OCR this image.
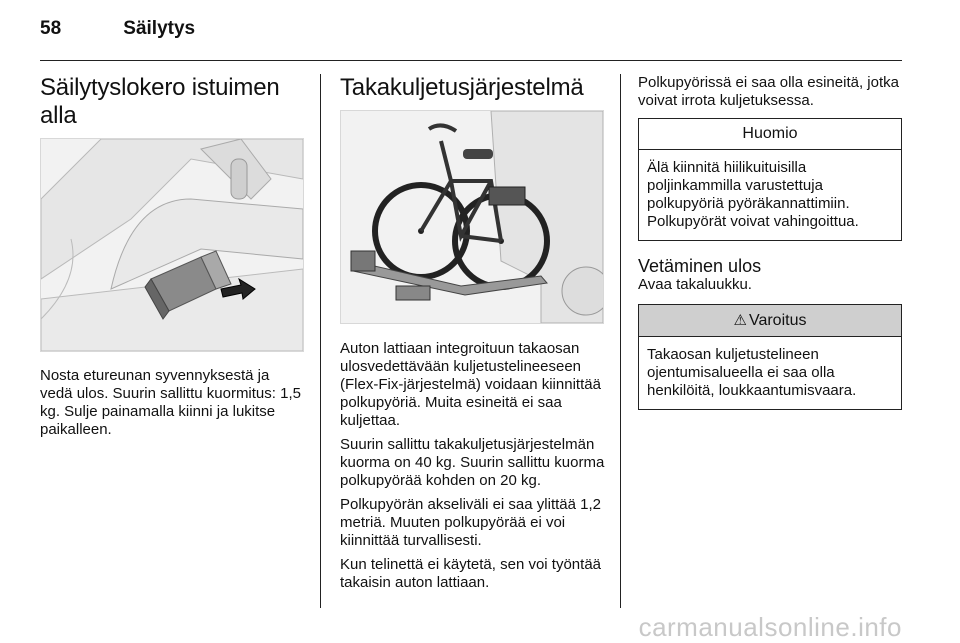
58	Säilytys
Säilytyslokero istuimen alla

Nosta etureunan syvennyksestä ja vedä ulos. Suurin sallittu kuormitus: 1,5 kg. Sulje painamalla kiinni ja lukitse paikalleen.

Takakuljetusjärjestelmä

Auton lattiaan integroituun takaosan ulosvedettävään kuljetustelineeseen (Flex-Fix-järjestelmä) voidaan kiinnittää polkupyöriä. Muita esineitä ei saa kuljettaa.

Suurin sallittu takakuljetusjärjestelmän kuorma on 40 kg. Suurin sallittu kuorma polkupyörää kohden on 20 kg.

Polkupyörän akseliväli ei saa ylittää 1,2 metriä. Muuten polkupyörää ei voi kiinnittää turvallisesti.

Kun telinettä ei käytetä, sen voi työntää takaisin auton lattiaan.

Polkupyörissä ei saa olla esineitä, jotka voivat irrota kuljetuksessa.

Huomio
Älä kiinnitä hiilikuituisilla poljinkammilla varustettuja polkupyöriä pyöräkannattimiin. Polkupyörät voivat vahingoittua.
Vetäminen ulos

Avaa takaluukku.

⚠ Varoitus
Takaosan kuljetustelineen ojentumisalueella ei saa olla henkilöitä, loukkaantumisvaara.
carmanualsonline.info
